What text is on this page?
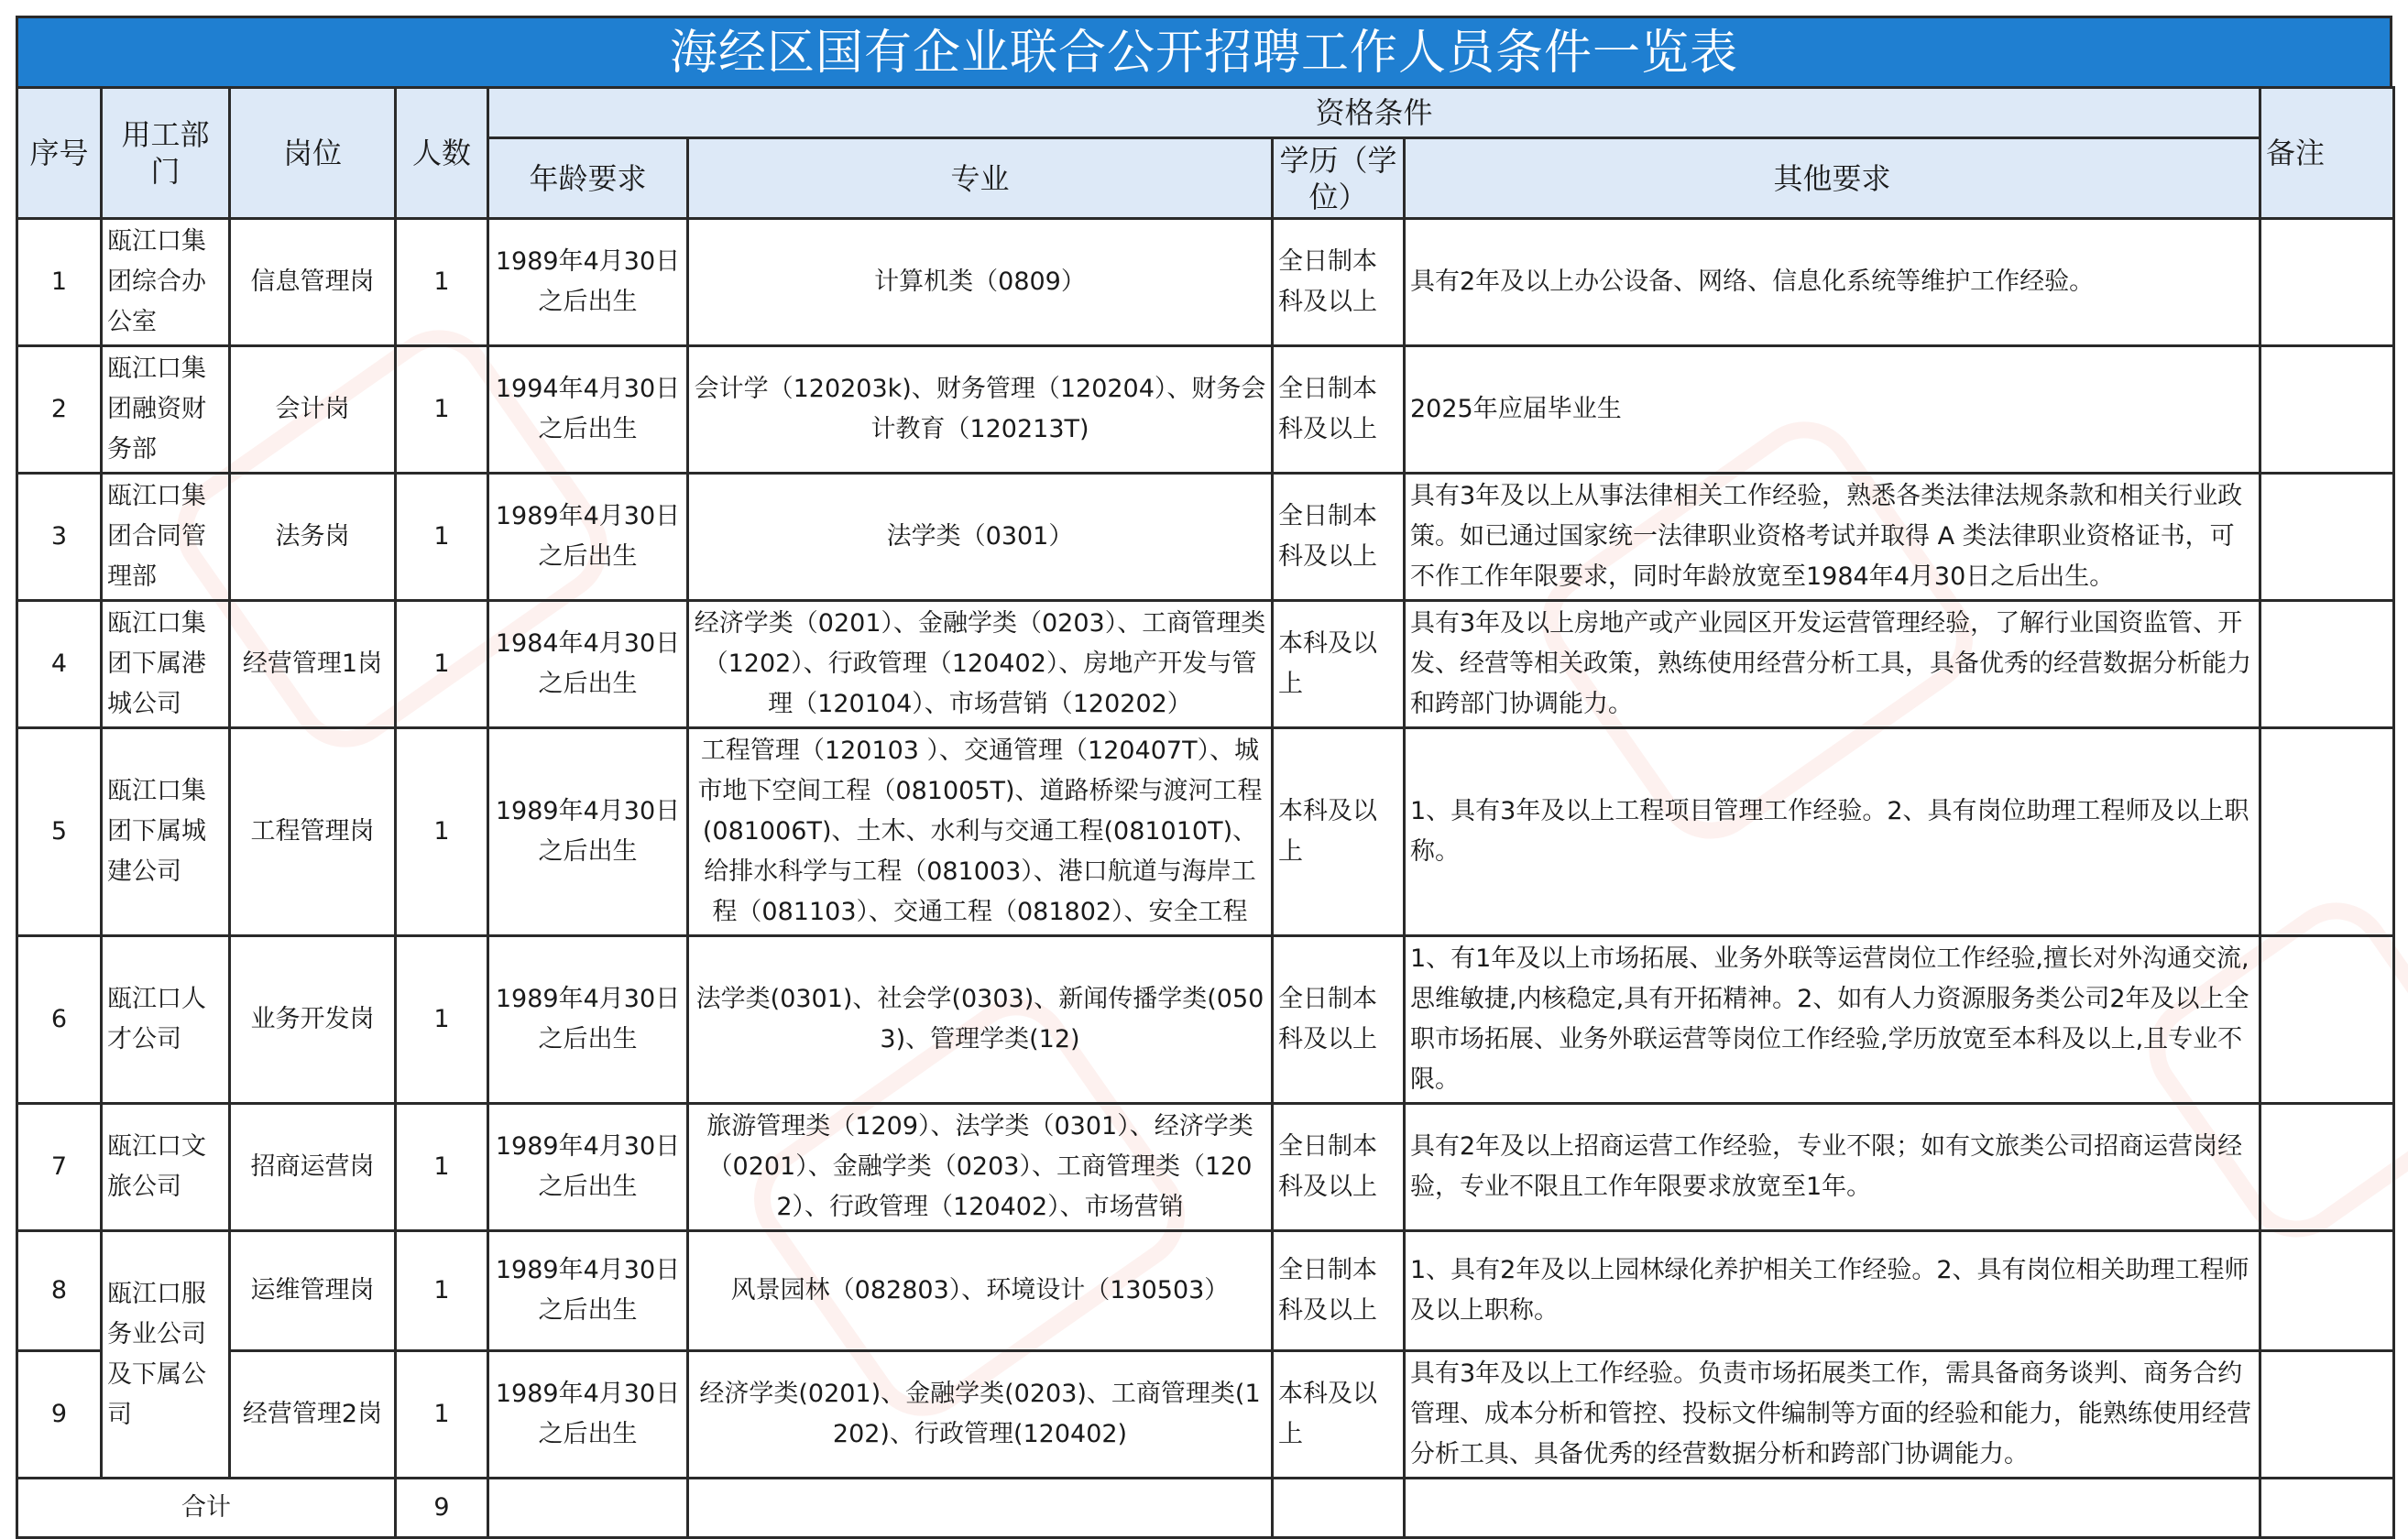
海经区国有企业联合公开招聘工作人员条件一览表
序号	用工部门	岗位	人数	资格条件				备注
				年龄要求	专业	学历（学位）	其他要求	
1	瓯江口集团综合办公室	信息管理岗	1	1989年4月30日之后出生	计算机类（0809）	全日制本科及以上	具有2年及以上办公设备、网络、信息化系统等维护工作经验。	
2	瓯江口集团融资财务部	会计岗	1	1994年4月30日之后出生	会计学（120203k)、财务管理（120204）、财务会计教育（120213T)	全日制本科及以上	2025年应届毕业生	
3	瓯江口集团合同管理部	法务岗	1	1989年4月30日之后出生	法学类（0301）	全日制本科及以上	具有3年及以上从事法律相关工作经验，熟悉各类法律法规条款和相关行业政策。如已通过国家统一法律职业资格考试并取得 A 类法律职业资格证书，可不作工作年限要求，同时年龄放宽至1984年4月30日之后出生。	
4	瓯江口集团下属港城公司	经营管理1岗	1	1984年4月30日之后出生	经济学类（0201）、金融学类（0203）、工商管理类（1202）、行政管理（120402）、房地产开发与管理（120104）、市场营销（120202）	本科及以上	具有3年及以上房地产或产业园区开发运营管理经验，了解行业国资监管、开发、经营等相关政策，熟练使用经营分析工具，具备优秀的经营数据分析能力和跨部门协调能力。	
5	瓯江口集团下属城建公司	工程管理岗	1	1989年4月30日之后出生	工程管理（120103 ）、交通管理（120407T）、城市地下空间工程（081005T)、道路桥梁与渡河工程(081006T)、土木、水利与交通工程(081010T)、给排水科学与工程（081003）、港口航道与海岸工程（081103）、交通工程（081802）、安全工程	本科及以上	1、具有3年及以上工程项目管理工作经验。2、具有岗位助理工程师及以上职称。	
6	瓯江口人才公司	业务开发岗	1	1989年4月30日之后出生	法学类(0301)、社会学(0303)、新闻传播学类(0503)、管理学类(12)	全日制本科及以上	1、有1年及以上市场拓展、业务外联等运营岗位工作经验,擅长对外沟通交流,思维敏捷,内核稳定,具有开拓精神。2、如有人力资源服务类公司2年及以上全职市场拓展、业务外联运营等岗位工作经验,学历放宽至本科及以上,且专业不限。	
7	瓯江口文旅公司	招商运营岗	1	1989年4月30日之后出生	旅游管理类（1209）、法学类（0301）、经济学类（0201）、金融学类（0203）、工商管理类（1202）、行政管理（120402）、市场营销	全日制本科及以上	具有2年及以上招商运营工作经验，专业不限；如有文旅类公司招商运营岗经验，专业不限且工作年限要求放宽至1年。	
8	瓯江口服务业公司及下属公司	运维管理岗	1	1989年4月30日之后出生	风景园林（082803）、环境设计（130503）	全日制本科及以上	1、具有2年及以上园林绿化养护相关工作经验。2、具有岗位相关助理工程师及以上职称。	
9		经营管理2岗	1	1989年4月30日之后出生	经济学类(0201)、金融学类(0203)、工商管理类(1202)、行政管理(120402)	本科及以上	具有3年及以上工作经验。负责市场拓展类工作，需具备商务谈判、商务合约管理、成本分析和管控、投标文件编制等方面的经验和能力，能熟练使用经营分析工具、具备优秀的经营数据分析和跨部门协调能力。	
合计			9					
